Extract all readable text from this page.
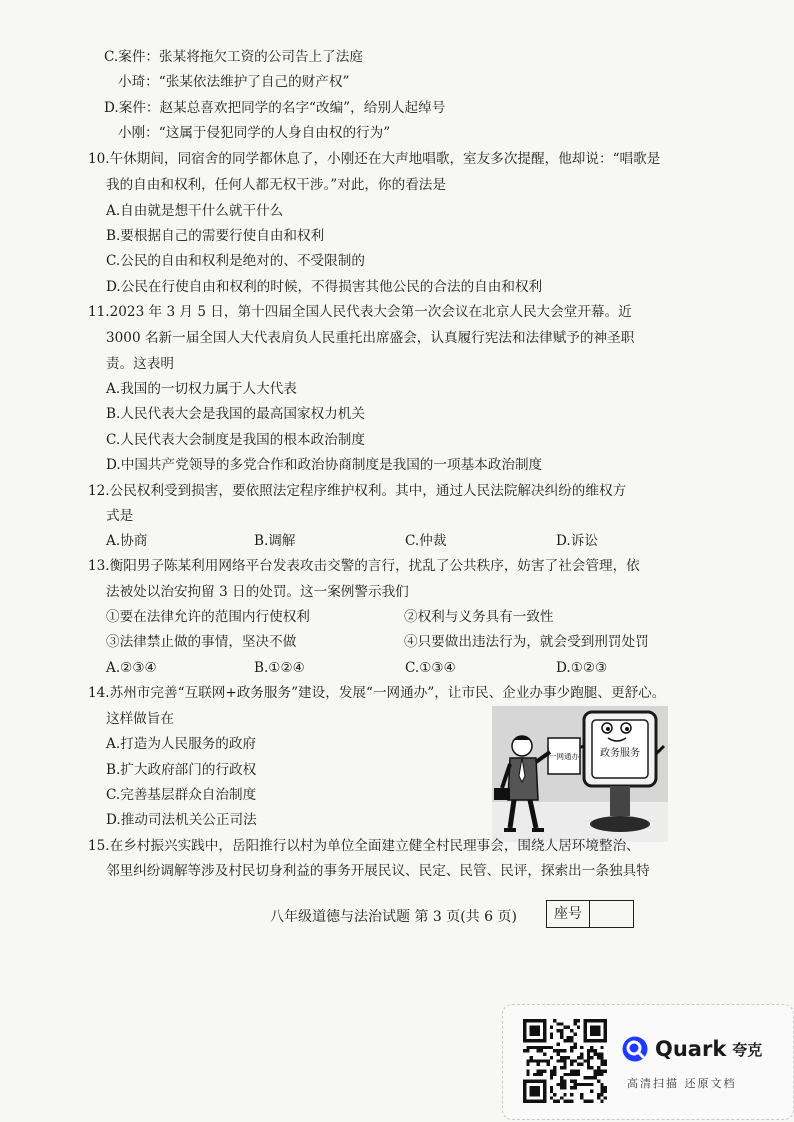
C.案件：张某将拖欠工资的公司告上了法庭
小琦：“张某依法维护了自己的财产权”
D.案件：赵某总喜欢把同学的名字“改编”，给别人起绰号
小刚：“这属于侵犯同学的人身自由权的行为”
10.午休期间，同宿舍的同学都休息了，小刚还在大声地唱歌，室友多次提醒，他却说：“唱歌是
我的自由和权利，任何人都无权干涉。”对此，你的看法是
A.自由就是想干什么就干什么
B.要根据自己的需要行使自由和权利
C.公民的自由和权利是绝对的、不受限制的
D.公民在行使自由和权利的时候，不得损害其他公民的合法的自由和权利
11.2023 年 3 月 5 日，第十四届全国人民代表大会第一次会议在北京人民大会堂开幕。近
3000 名新一届全国人大代表肩负人民重托出席盛会，认真履行宪法和法律赋予的神圣职
责。这表明
A.我国的一切权力属于人大代表
B.人民代表大会是我国的最高国家权力机关
C.人民代表大会制度是我国的根本政治制度
D.中国共产党领导的多党合作和政治协商制度是我国的一项基本政治制度
12.公民权利受到损害，要依照法定程序维护权利。其中，通过人民法院解决纠纷的维权方
式是
A.协商	B.调解	C.仲裁	D.诉讼
13.衡阳男子陈某利用网络平台发表攻击交警的言行，扰乱了公共秩序，妨害了社会管理，依
法被处以治安拘留 3 日的处罚。这一案例警示我们
①要在法律允许的范围内行使权利	②权利与义务具有一致性
③法律禁止做的事情，坚决不做	④只要做出违法行为，就会受到刑罚处罚
A.②③④	B.①②④	C.①③④	D.①②③
14.苏州市完善“互联网+政务服务”建设，发展“一网通办”，让市民、企业办事少跑腿、更舒心。
这样做旨在
A.打造为人民服务的政府
B.扩大政府部门的行政权
C.完善基层群众自治制度
D.推动司法机关公正司法
政务服务
一网通办
15.在乡村振兴实践中，岳阳推行以村为单位全面建立健全村民理事会，围绕人居环境整治、
邻里纠纷调解等涉及村民切身利益的事务开展民议、民定、民管、民评，探索出一条独具特
八年级道德与法治试题 第 3 页(共 6 页)	座号
Quark 夸克
高清扫描 还原文档
